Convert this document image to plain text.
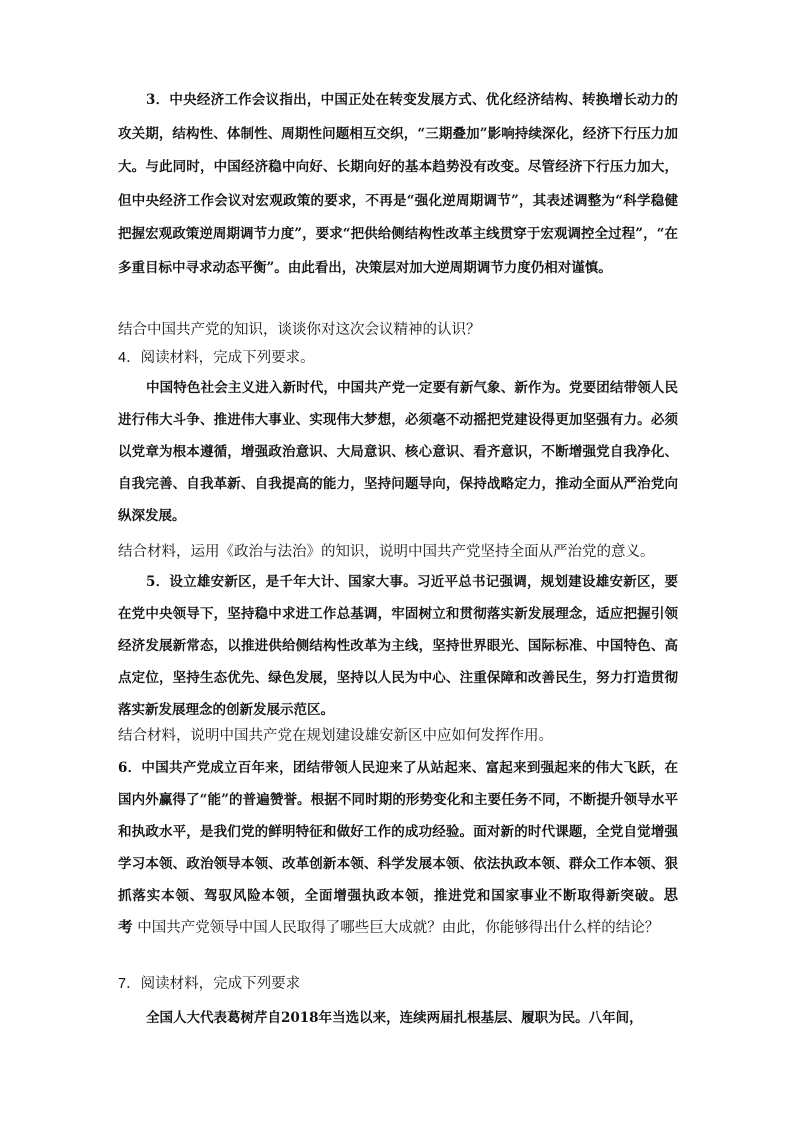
3．中央经济工作会议指出，中国正处在转变发展方式、优化经济结构、转换增长动力的攻关期，结构性、体制性、周期性问题相互交织，“三期叠加”影响持续深化，经济下行压力加大。与此同时，中国经济稳中向好、长期向好的基本趋势没有改变。尽管经济下行压力加大，但中央经济工作会议对宏观政策的要求，不再是“强化逆周期调节”，其表述调整为“科学稳健把握宏观政策逆周期调节力度”，要求“把供给侧结构性改革主线贯穿于宏观调控全过程”，“在多重目标中寻求动态平衡”。由此看出，决策层对加大逆周期调节力度仍相对谨慎。

结合中国共产党的知识，谈谈你对这次会议精神的认识？

4．阅读材料，完成下列要求。

中国特色社会主义进入新时代，中国共产党一定要有新气象、新作为。党要团结带领人民进行伟大斗争、推进伟大事业、实现伟大梦想，必须毫不动摇把党建设得更加坚强有力。必须以党章为根本遵循，增强政治意识、大局意识、核心意识、看齐意识，不断增强党自我净化、自我完善、自我革新、自我提高的能力，坚持问题导向，保持战略定力，推动全面从严治党向纵深发展。

结合材料，运用《政治与法治》的知识，说明中国共产党坚持全面从严治党的意义。

5．设立雄安新区，是千年大计、国家大事。习近平总书记强调，规划建设雄安新区，要在党中央领导下，坚持稳中求进工作总基调，牢固树立和贯彻落实新发展理念，适应把握引领经济发展新常态，以推进供给侧结构性改革为主线，坚持世界眼光、国际标准、中国特色、高点定位，坚持生态优先、绿色发展，坚持以人民为中心、注重保障和改善民生，努力打造贯彻落实新发展理念的创新发展示范区。

结合材料，说明中国共产党在规划建设雄安新区中应如何发挥作用。

6．中国共产党成立百年来，团结带领人民迎来了从站起来、富起来到强起来的伟大飞跃，在国内外赢得了“能”的普遍赞誉。根据不同时期的形势变化和主要任务不同，不断提升领导水平和执政水平，是我们党的鲜明特征和做好工作的成功经验。面对新的时代课题，全党自觉增强学习本领、政治领导本领、改革创新本领、科学发展本领、依法执政本领、群众工作本领、狠抓落实本领、驾驭风险本领，全面增强执政本领，推进党和国家事业不断取得新突破。思考 中国共产党领导中国人民取得了哪些巨大成就？由此，你能够得出什么样的结论？

7．阅读材料，完成下列要求

全国人大代表葛树芹自2018年当选以来，连续两届扎根基层、履职为民。八年间，
